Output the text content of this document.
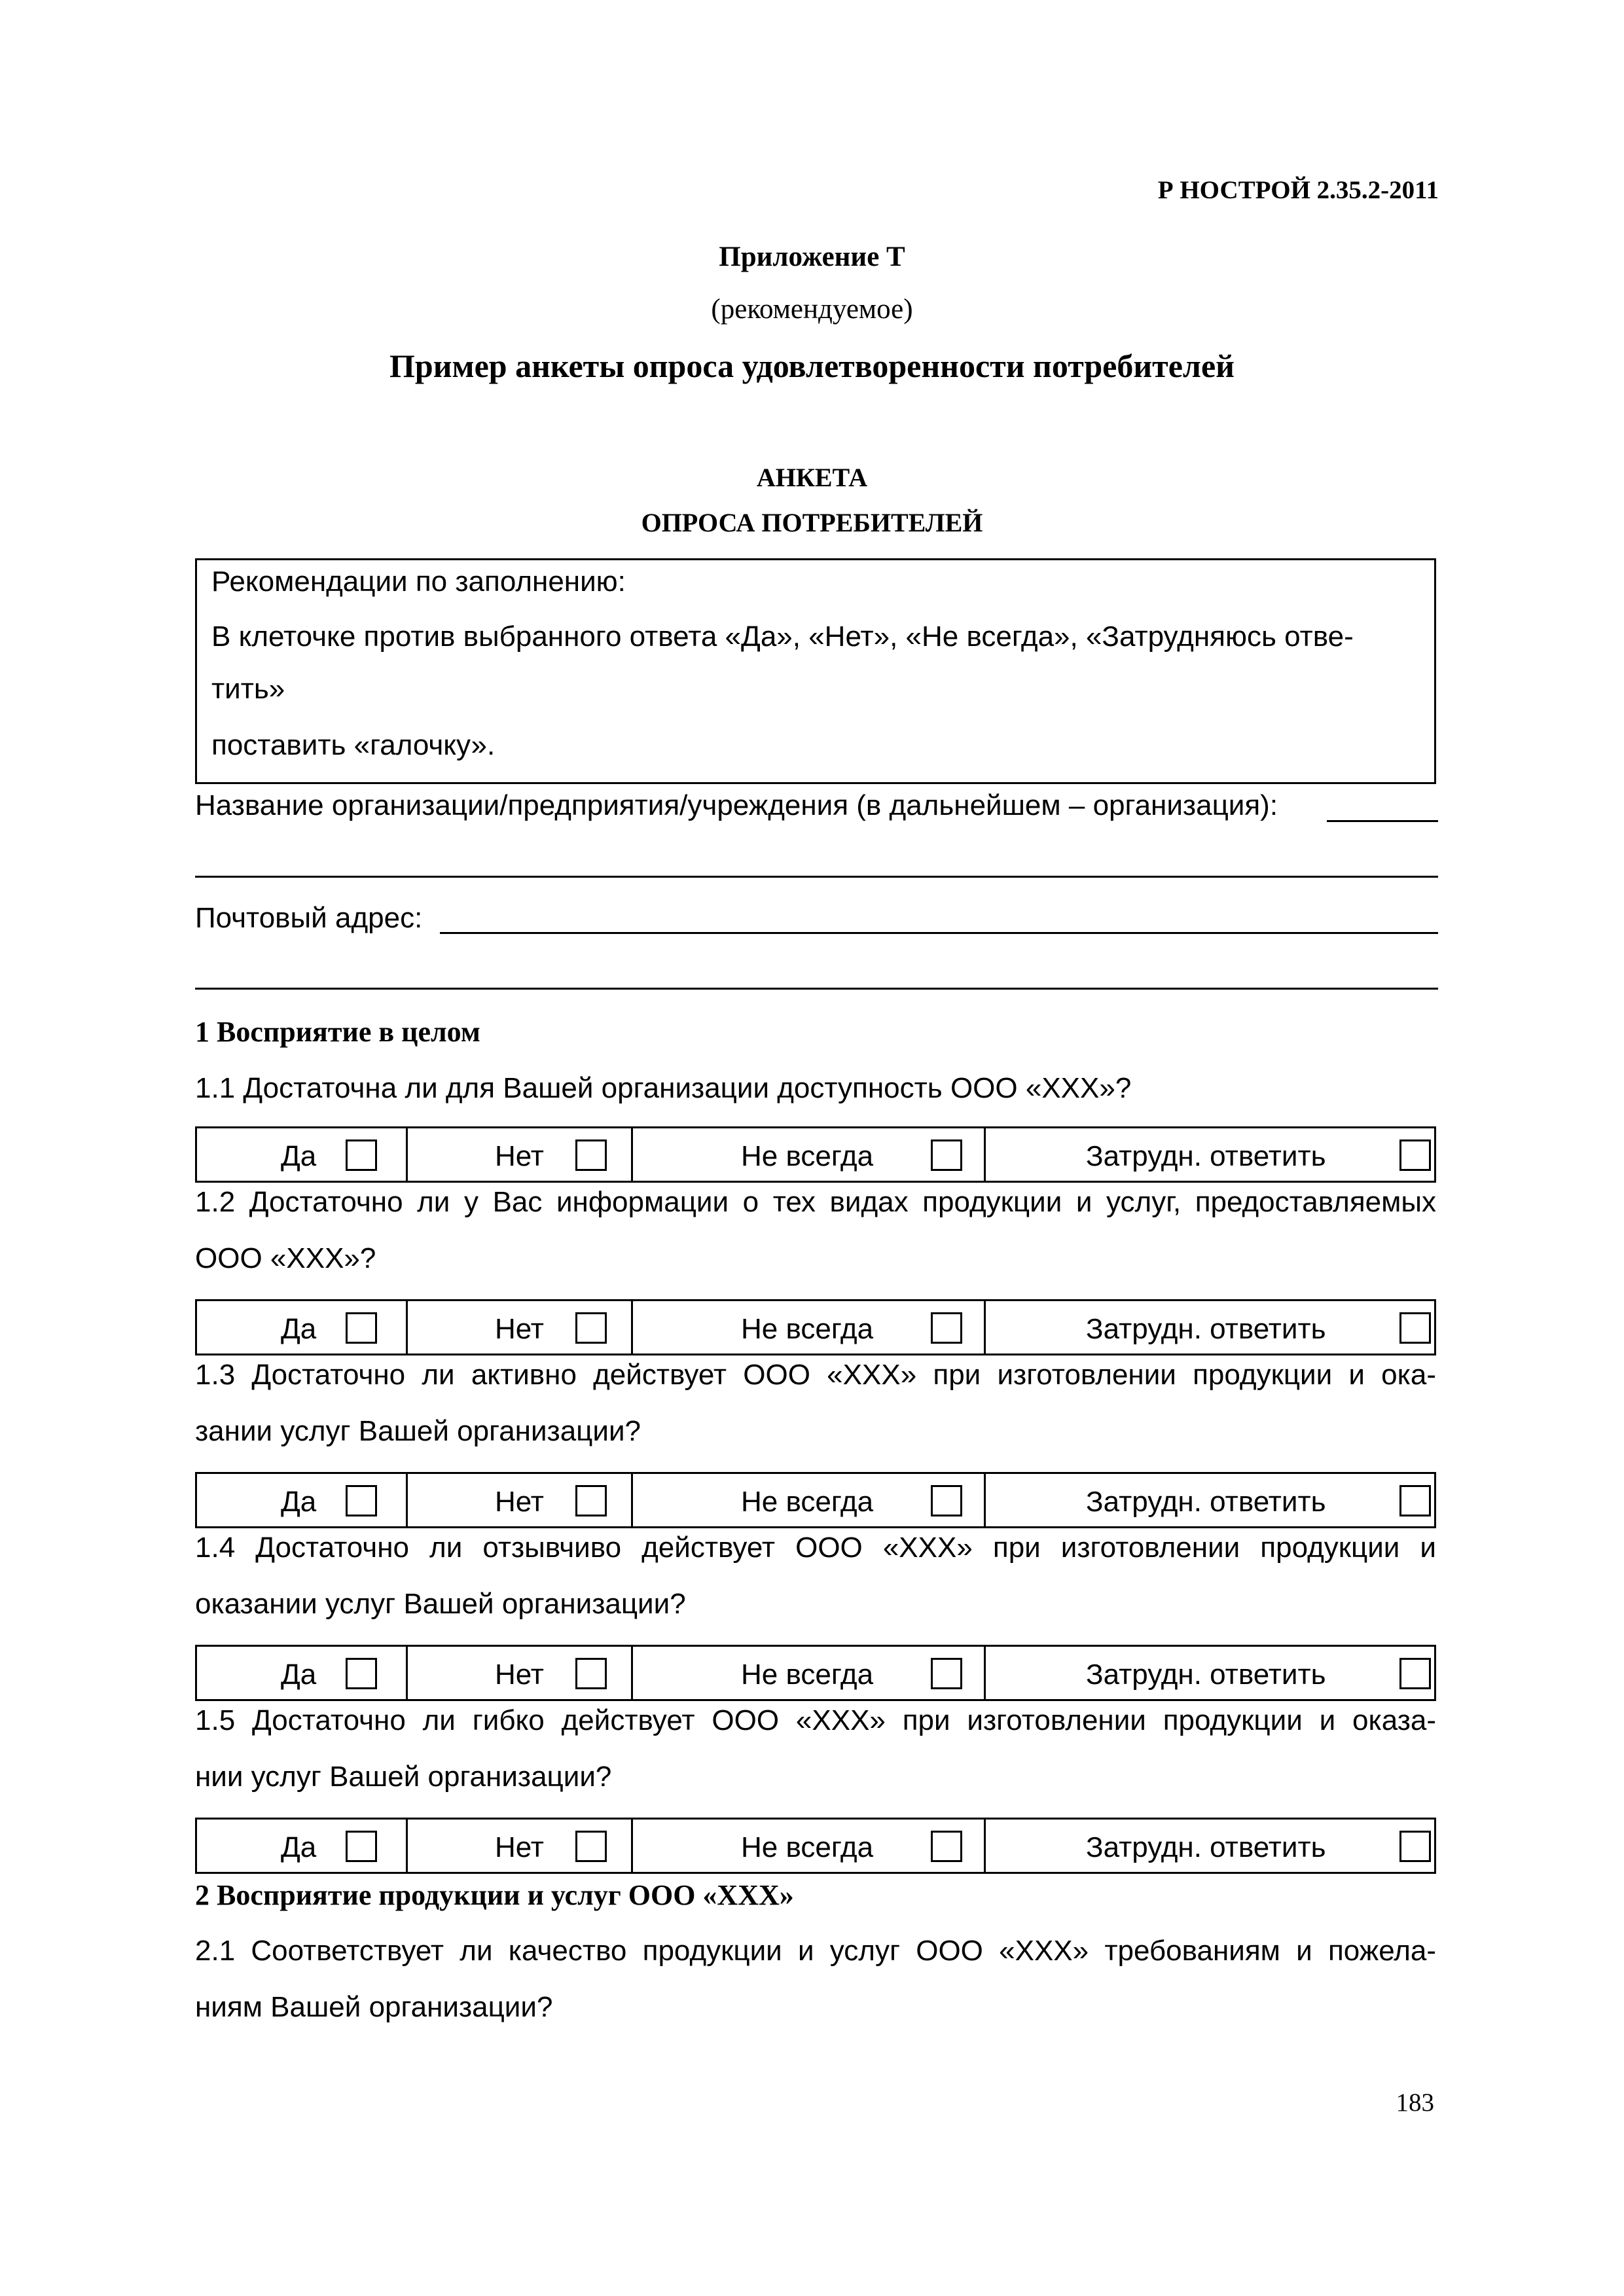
Р НОСТРОЙ 2.35.2-2011
Приложение Т
(рекомендуемое)
Пример анкеты опроса удовлетворенности потребителей
АНКЕТА
ОПРОСА ПОТРЕБИТЕЛЕЙ
Рекомендации по заполнению:
В клеточке против выбранного ответа «Да», «Нет», «Не всегда», «Затрудняюсь отве-
тить»
поставить «галочку».
Название организации/предприятия/учреждения (в дальнейшем – организация):
Почтовый адрес:
1 Восприятие в целом
1.1 Достаточна ли для Вашей организации доступность ООО «ХХХ»?
Да	Нет	Не всегда	Затрудн. ответить
1.2 Достаточно ли у Вас информации о тех видах продукции и услуг, предоставляемых
ООО «ХХХ»?
Да	Нет	Не всегда	Затрудн. ответить
1.3 Достаточно ли активно действует ООО «ХХХ» при изготовлении продукции и ока-
зании услуг Вашей организации?
Да	Нет	Не всегда	Затрудн. ответить
1.4 Достаточно ли отзывчиво действует ООО «ХХХ» при изготовлении продукции и
оказании услуг Вашей организации?
Да	Нет	Не всегда	Затрудн. ответить
1.5 Достаточно ли гибко действует ООО «ХХХ» при изготовлении продукции и оказа-
нии услуг Вашей организации?
Да	Нет	Не всегда	Затрудн. ответить
2 Восприятие продукции и услуг ООО «ХХХ»
2.1 Соответствует ли качество продукции и услуг ООО «ХХХ» требованиям и пожела-
ниям Вашей организации?
183
